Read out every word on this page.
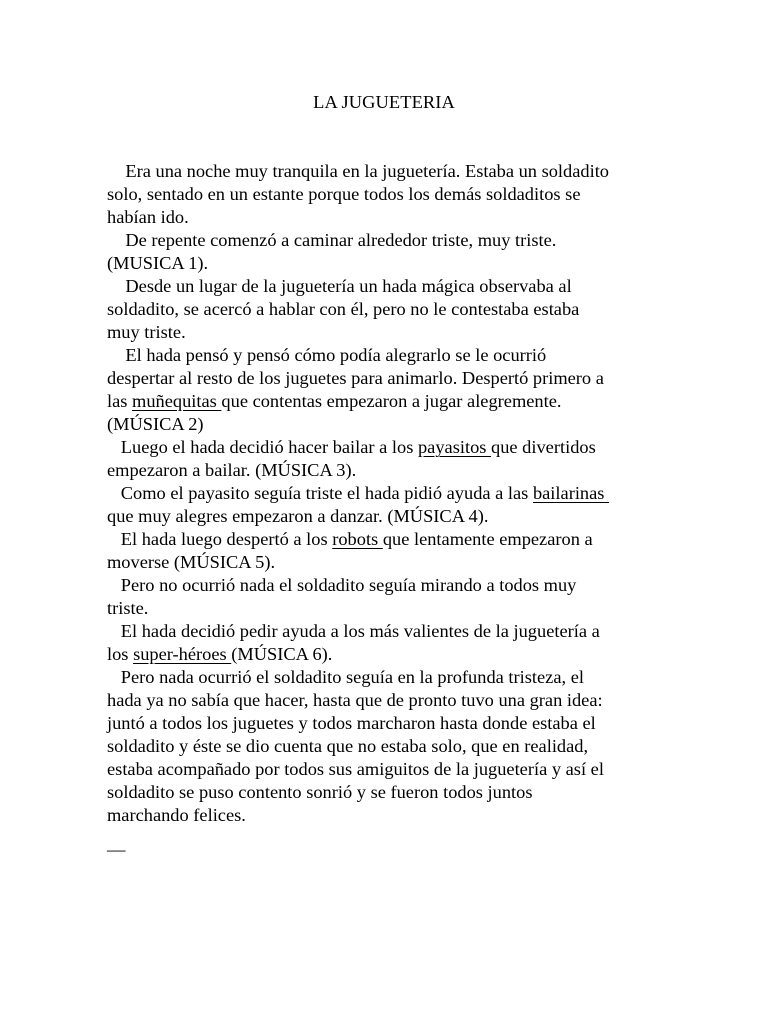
LA JUGUETERIA
Era una noche muy tranquila en la juguetería. Estaba un soldadito
solo, sentado en un estante porque todos los demás soldaditos se
habían ido.
De repente comenzó a caminar alrededor triste, muy triste.
(MUSICA 1).
Desde un lugar de la juguetería un hada mágica observaba al
soldadito, se acercó a hablar con él, pero no le contestaba estaba
muy triste.
El hada pensó y pensó cómo podía alegrarlo se le ocurrió
despertar al resto de los juguetes para animarlo. Despertó primero a
las muñequitas que contentas empezaron a jugar alegremente.
(MÚSICA 2)
Luego el hada decidió hacer bailar a los payasitos que divertidos
empezaron a bailar. (MÚSICA 3).
Como el payasito seguía triste el hada pidió ayuda a las bailarinas
que muy alegres empezaron a danzar. (MÚSICA 4).
El hada luego despertó a los robots que lentamente empezaron a
moverse (MÚSICA 5).
Pero no ocurrió nada el soldadito seguía mirando a todos muy
triste.
El hada decidió pedir ayuda a los más valientes de la juguetería a
los super-héroes (MÚSICA 6).
Pero nada ocurrió el soldadito seguía en la profunda tristeza, el
hada ya no sabía que hacer, hasta que de pronto tuvo una gran idea:
juntó a todos los juguetes y todos marcharon hasta donde estaba el
soldadito y éste se dio cuenta que no estaba solo, que en realidad,
estaba acompañado por todos sus amiguitos de la juguetería y así el
soldadito se puso contento sonrió y se fueron todos juntos
marchando felices.
__
